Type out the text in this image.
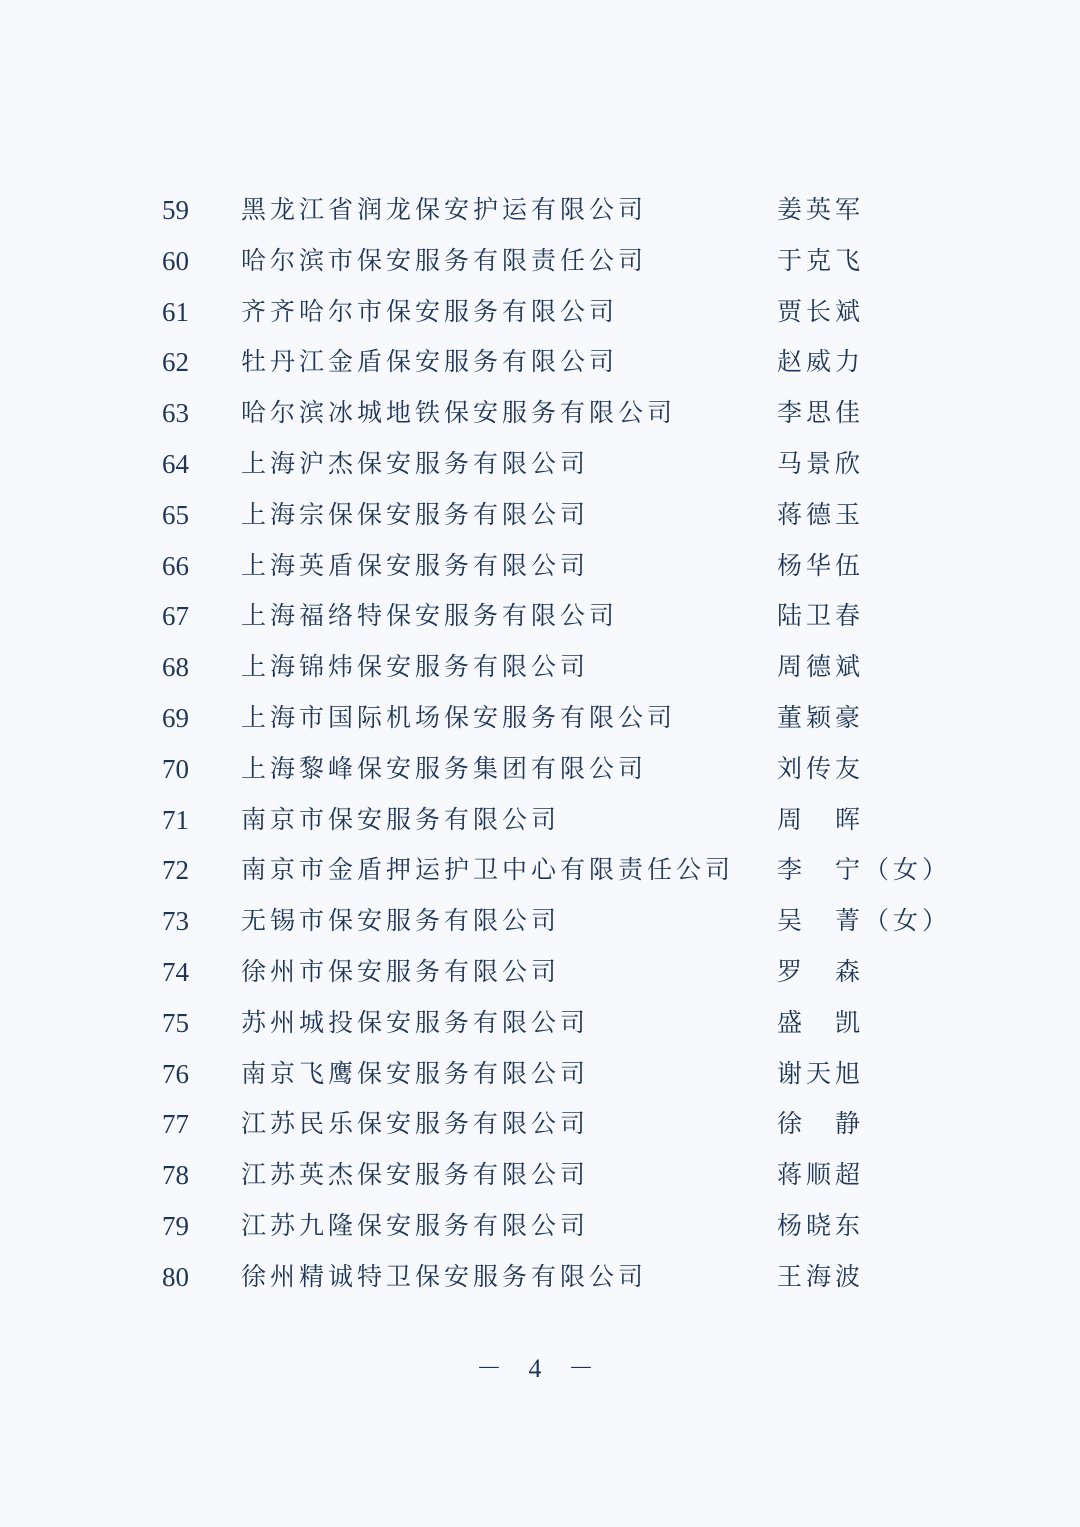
59	黑龙江省润龙保安护运有限公司	姜英军
60	哈尔滨市保安服务有限责任公司	于克飞
61	齐齐哈尔市保安服务有限公司	贾长斌
62	牡丹江金盾保安服务有限公司	赵威力
63	哈尔滨冰城地铁保安服务有限公司	李思佳
64	上海沪杰保安服务有限公司	马景欣
65	上海宗保保安服务有限公司	蒋德玉
66	上海英盾保安服务有限公司	杨华伍
67	上海福络特保安服务有限公司	陆卫春
68	上海锦炜保安服务有限公司	周德斌
69	上海市国际机场保安服务有限公司	董颖豪
70	上海黎峰保安服务集团有限公司	刘传友
71	南京市保安服务有限公司	周　晖
72	南京市金盾押运护卫中心有限责任公司	李　宁（女）
73	无锡市保安服务有限公司	吴　菁（女）
74	徐州市保安服务有限公司	罗　森
75	苏州城投保安服务有限公司	盛　凯
76	南京飞鹰保安服务有限公司	谢天旭
77	江苏民乐保安服务有限公司	徐　静
78	江苏英杰保安服务有限公司	蒋顺超
79	江苏九隆保安服务有限公司	杨晓东
80	徐州精诚特卫保安服务有限公司	王海波
－ 4 －
